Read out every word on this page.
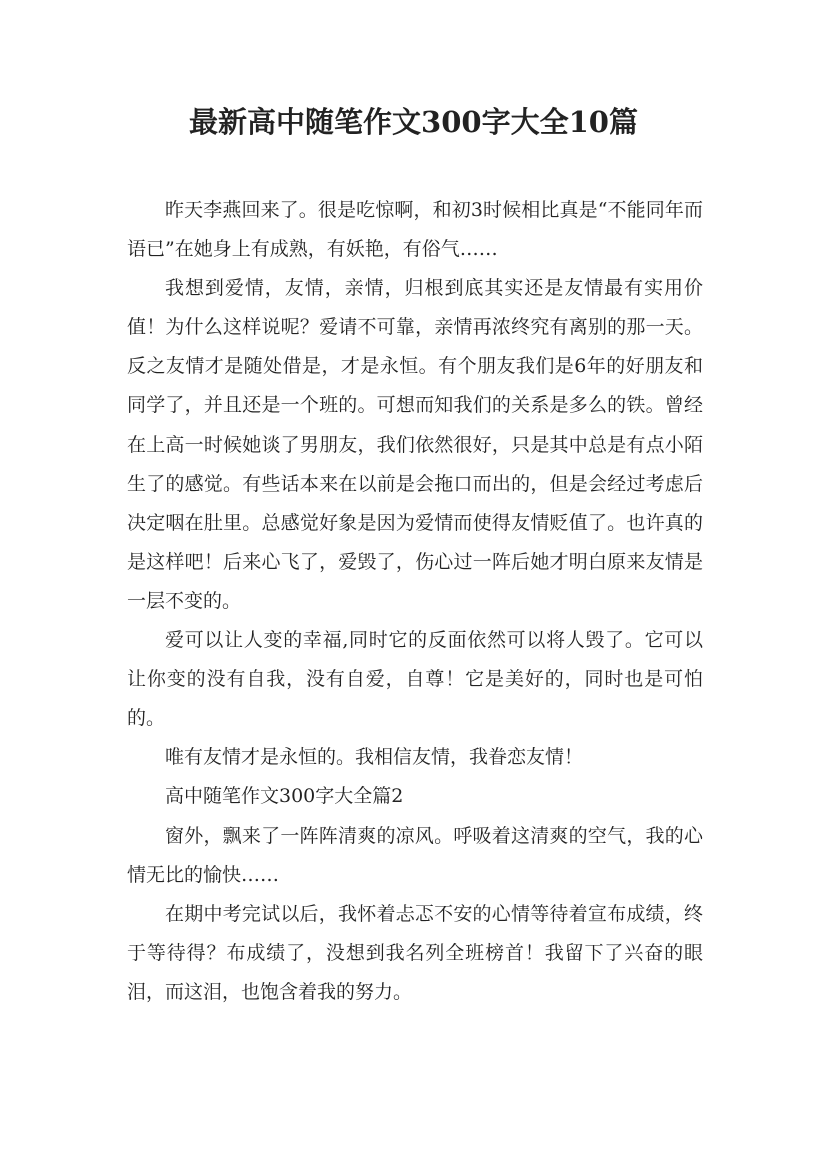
最新高中随笔作文300字大全10篇

昨天李燕回来了。很是吃惊啊，和初3时候相比真是“不能同年而语已”在她身上有成熟，有妖艳，有俗气……

我想到爱情，友情，亲情，归根到底其实还是友情最有实用价值！为什么这样说呢？爱请不可靠，亲情再浓终究有离别的那一天。反之友情才是随处借是，才是永恒。有个朋友我们是6年的好朋友和同学了，并且还是一个班的。可想而知我们的关系是多么的铁。曾经在上高一时候她谈了男朋友，我们依然很好，只是其中总是有点小陌生了的感觉。有些话本来在以前是会拖口而出的，但是会经过考虑后决定咽在肚里。总感觉好象是因为爱情而使得友情贬值了。也许真的是这样吧！后来心飞了，爱毁了，伤心过一阵后她才明白原来友情是一层不变的。

爱可以让人变的幸福,同时它的反面依然可以将人毁了。它可以让你变的没有自我，没有自爱，自尊！它是美好的，同时也是可怕的。

唯有友情才是永恒的。我相信友情，我眷恋友情！

高中随笔作文300字大全篇2

窗外，飘来了一阵阵清爽的凉风。呼吸着这清爽的空气，我的心情无比的愉快……

在期中考完试以后，我怀着忐忑不安的心情等待着宣布成绩，终于等待得？布成绩了，没想到我名列全班榜首！我留下了兴奋的眼泪，而这泪，也饱含着我的努力。
